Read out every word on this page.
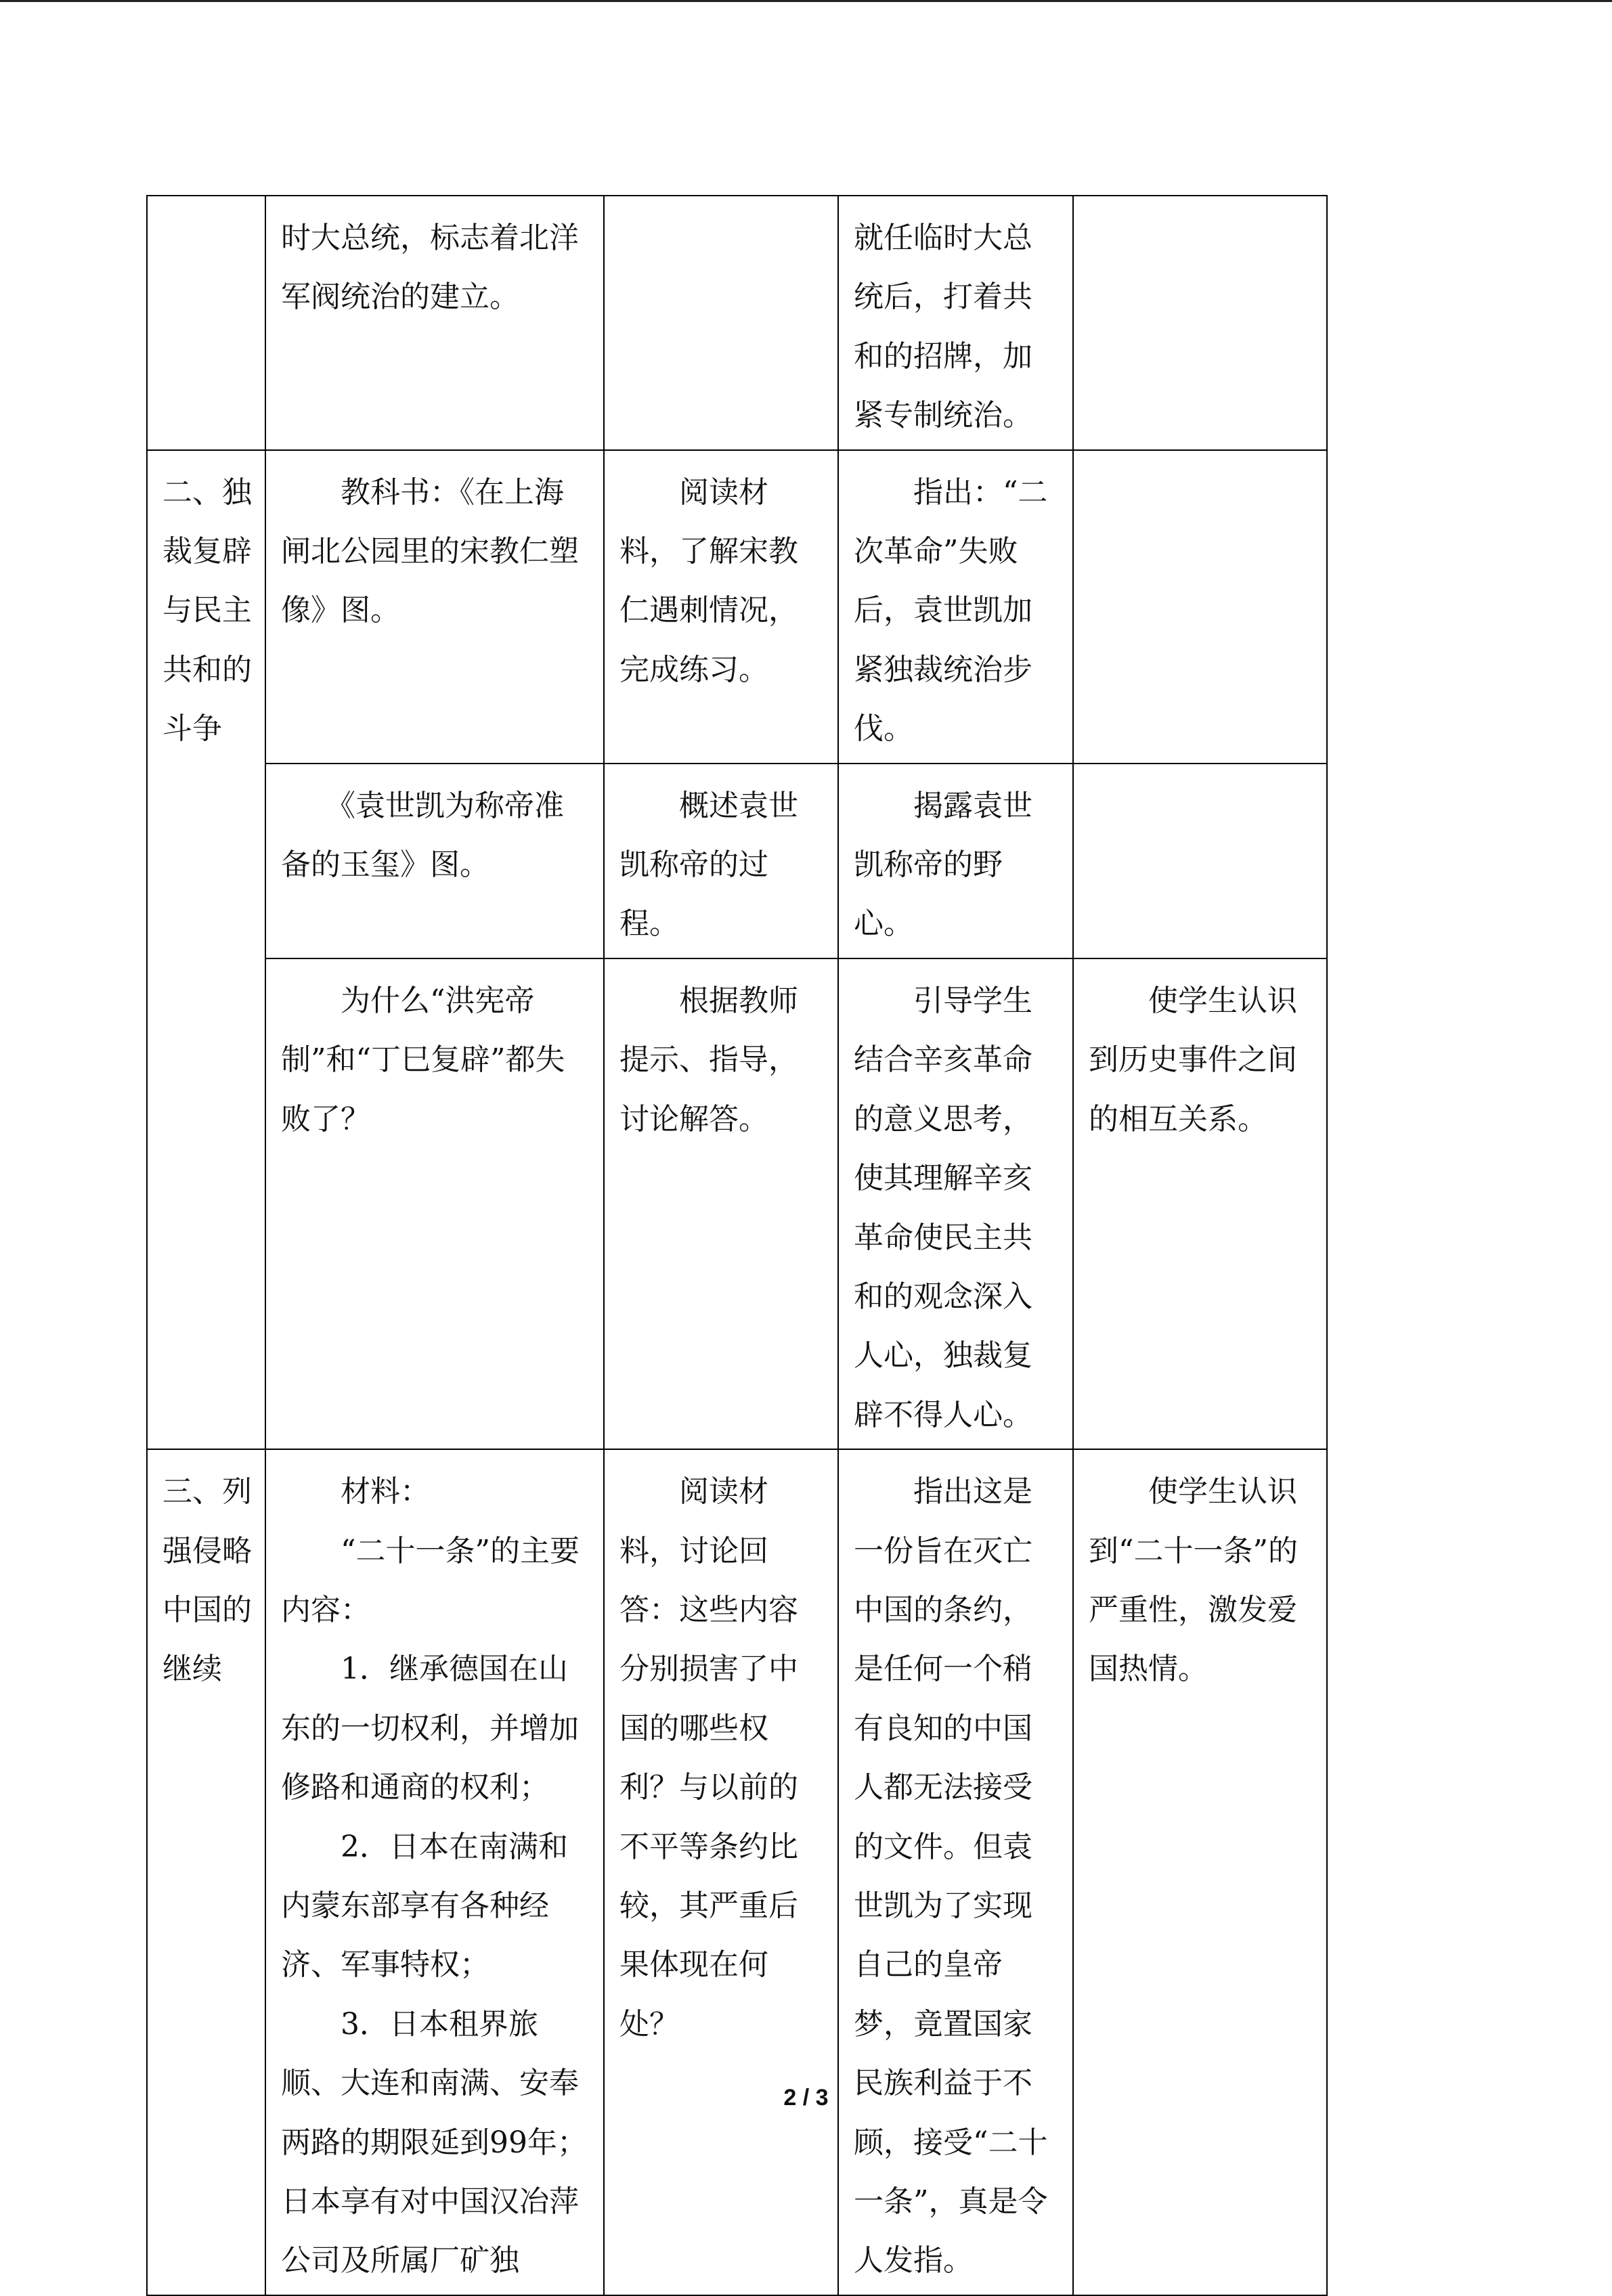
	时大总统，标志着北洋军阀统治的建立。		就任临时大总统后，打着共和的招牌，加紧专制统治。	
二、独裁复辟与民主共和的斗争	　　教科书：《在上海闸北公园里的宋教仁塑像》图。	　　阅读材料，了解宋教仁遇刺情况，完成练习。	　　指出：“二次革命”失败后，袁世凯加紧独裁统治步伐。	
	　　《袁世凯为称帝准备的玉玺》图。	　　概述袁世凯称帝的过程。	　　揭露袁世凯称帝的野心。	
	　　为什么“洪宪帝制”和“丁巳复辟”都失败了？	　　根据教师提示、指导，讨论解答。	　　引导学生结合辛亥革命的意义思考，使其理解辛亥革命使民主共和的观念深入人心，独裁复辟不得人心。	　　使学生认识到历史事件之间的相互关系。
三、列强侵略中国的继续	　　材料：
　　“二十一条”的主要内容：
　　1．继承德国在山东的一切权利，并增加修路和通商的权利；
　　2．日本在南满和内蒙东部享有各种经济、军事特权；
　　3．日本租界旅顺、大连和南满、安奉两路的期限延到99年；日本享有对中国汉冶萍公司及所属厂矿独	　　阅读材料，讨论回答：这些内容分别损害了中国的哪些权利？与以前的不平等条约比较，其严重后果体现在何处？	　　指出这是一份旨在灭亡中国的条约，是任何一个稍有良知的中国人都无法接受的文件。但袁世凯为了实现自己的皇帝梦，竟置国家民族利益于不顾，接受“二十一条”，真是令人发指。	　　使学生认识到“二十一条”的严重性，激发爱国热情。
2 / 3
